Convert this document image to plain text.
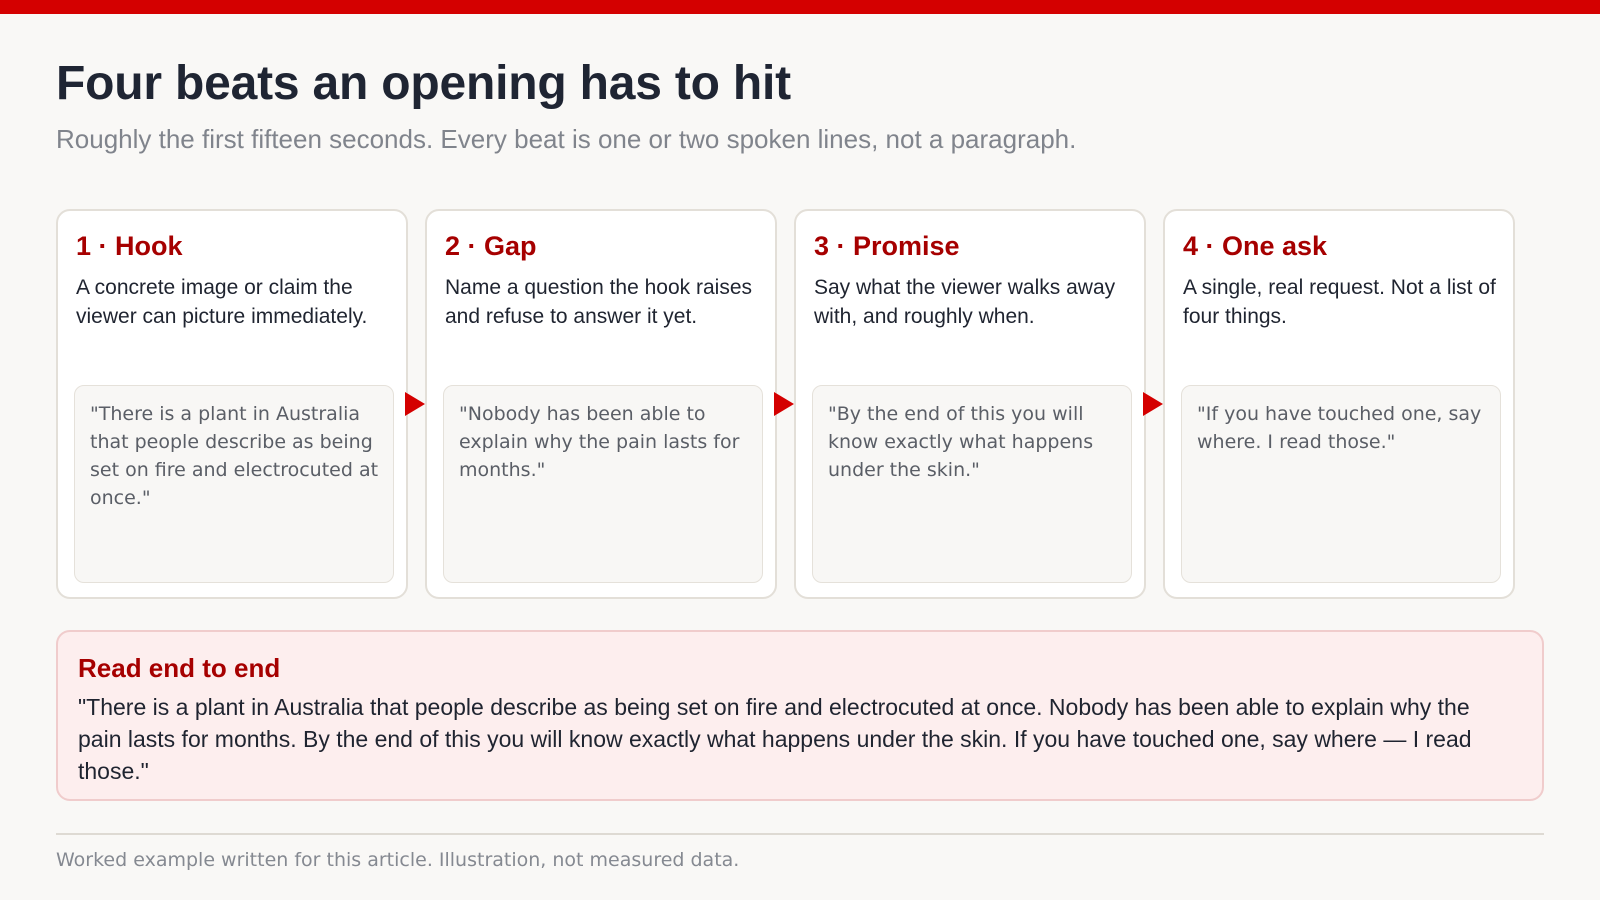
Four beats an opening has to hit

Roughly the first fifteen seconds. Every beat is one or two spoken lines, not a paragraph.

1 · Hook

A concrete image or claim the viewer can picture immediately.

"There is a plant in Australia that people describe as being set on fire and electrocuted at once."

2 · Gap

Name a question the hook raises and refuse to answer it yet.

"Nobody has been able to explain why the pain lasts for months."

3 · Promise

Say what the viewer walks away with, and roughly when.

"By the end of this you will know exactly what happens under the skin."

4 · One ask

A single, real request. Not a list of four things.

"If you have touched one, say where. I read those."

Read end to end

"There is a plant in Australia that people describe as being set on fire and electrocuted at once. Nobody has been able to explain why the pain lasts for months. By the end of this you will know exactly what happens under the skin. If you have touched one, say where — I read those."

Worked example written for this article. Illustration, not measured data.
